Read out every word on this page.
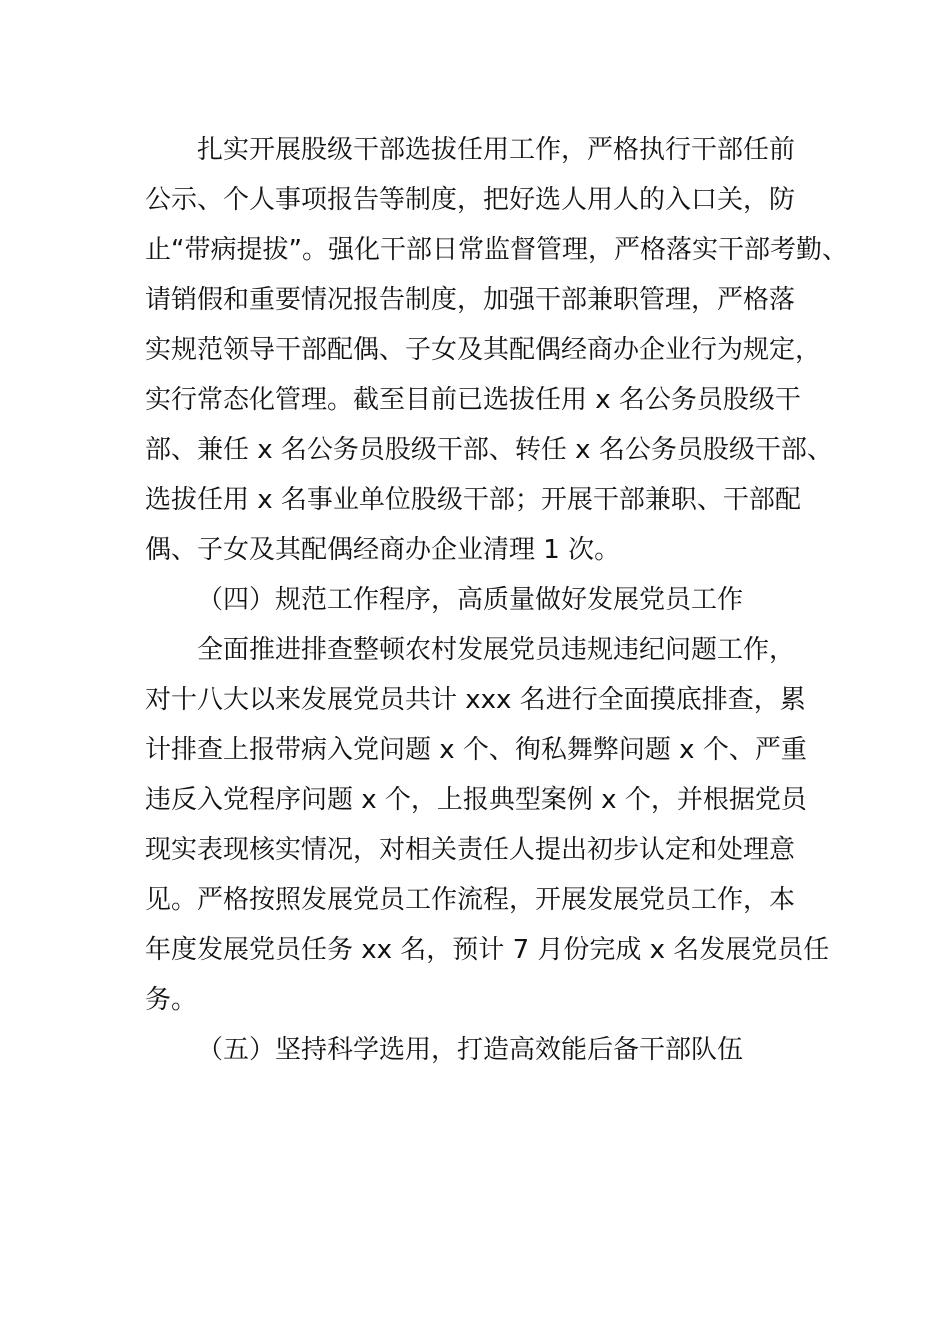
扎实开展股级干部选拔任用工作，严格执行干部任前
公示、个人事项报告等制度，把好选人用人的入口关，防
止“带病提拔”。强化干部日常监督管理，严格落实干部考勤、
请销假和重要情况报告制度，加强干部兼职管理，严格落
实规范领导干部配偶、子女及其配偶经商办企业行为规定，
实行常态化管理。截至目前已选拔任用 x 名公务员股级干
部、兼任 x 名公务员股级干部、转任 x 名公务员股级干部、
选拔任用 x 名事业单位股级干部；开展干部兼职、干部配
偶、子女及其配偶经商办企业清理 1 次。
（四）规范工作程序，高质量做好发展党员工作
全面推进排查整顿农村发展党员违规违纪问题工作，
对十八大以来发展党员共计 xxx 名进行全面摸底排查，累
计排查上报带病入党问题 x 个、徇私舞弊问题 x 个、严重
违反入党程序问题 x 个，上报典型案例 x 个，并根据党员
现实表现核实情况，对相关责任人提出初步认定和处理意
见。严格按照发展党员工作流程，开展发展党员工作，本
年度发展党员任务 xx 名，预计 7 月份完成 x 名发展党员任
务。
（五）坚持科学选用，打造高效能后备干部队伍
